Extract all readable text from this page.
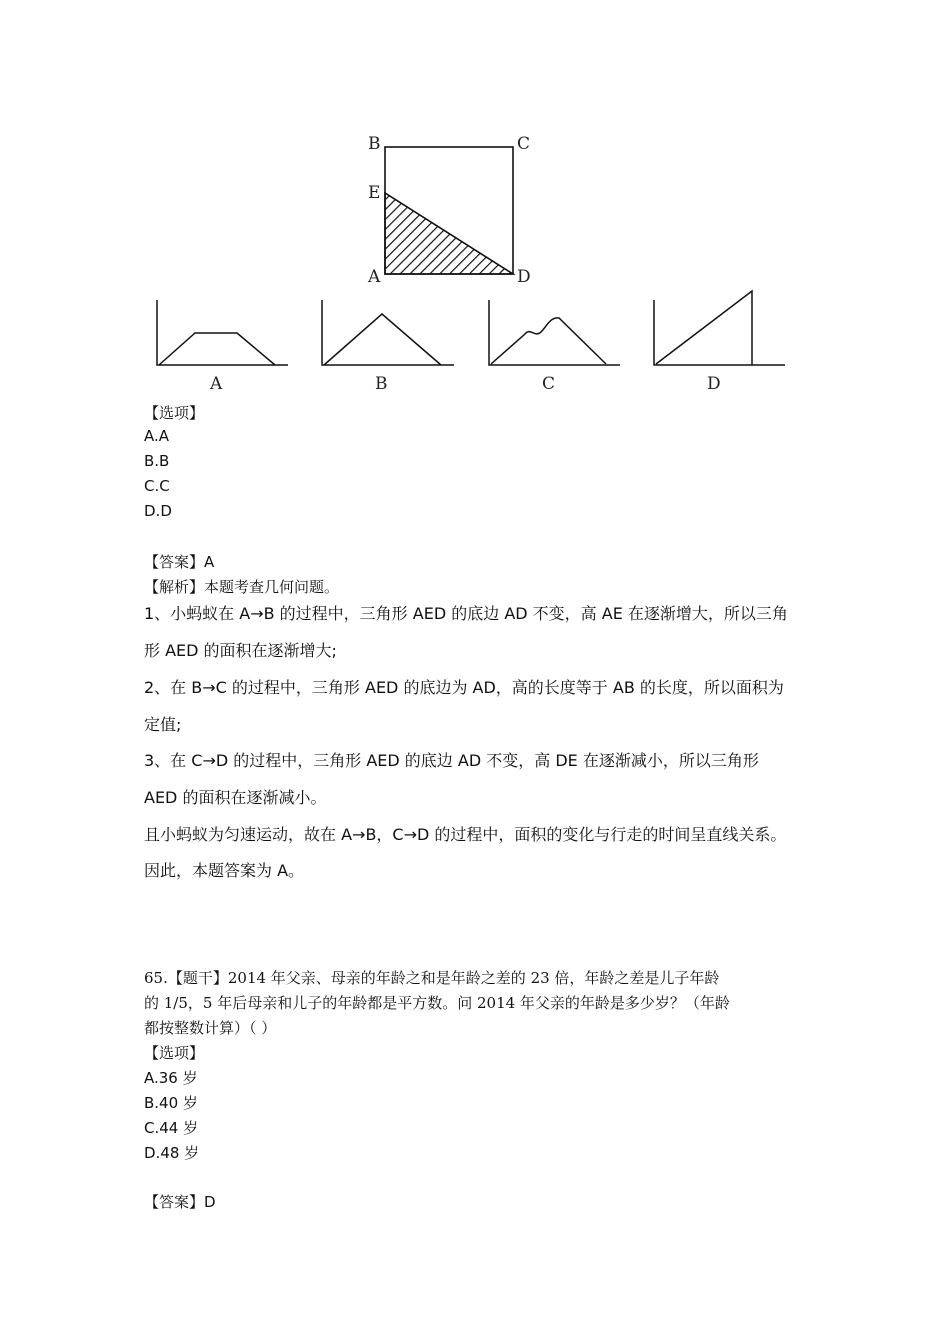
B	C
E
A	D
A	B	C	D
【选项】
A.A
B.B
C.C
D.D
【答案】A
【解析】本题考查几何问题。
1、小蚂蚁在 A→B 的过程中，三角形 AED 的底边 AD 不变，高 AE 在逐渐增大，所以三角
形 AED 的面积在逐渐增大;
2、在 B→C 的过程中，三角形 AED 的底边为 AD，高的长度等于 AB 的长度，所以面积为
定值;
3、在 C→D 的过程中，三角形 AED 的底边 AD 不变，高 DE 在逐渐减小，所以三角形
AED 的面积在逐渐减小。
且小蚂蚁为匀速运动，故在 A→B，C→D 的过程中，面积的变化与行走的时间呈直线关系。
因此，本题答案为 A。
65.【题干】2014 年父亲、母亲的年龄之和是年龄之差的 23 倍，年龄之差是儿子年龄
的 1/5，5 年后母亲和儿子的年龄都是平方数。问 2014 年父亲的年龄是多少岁？（年龄
都按整数计算）（ ）
【选项】
A.36 岁
B.40 岁
C.44 岁
D.48 岁
【答案】D
